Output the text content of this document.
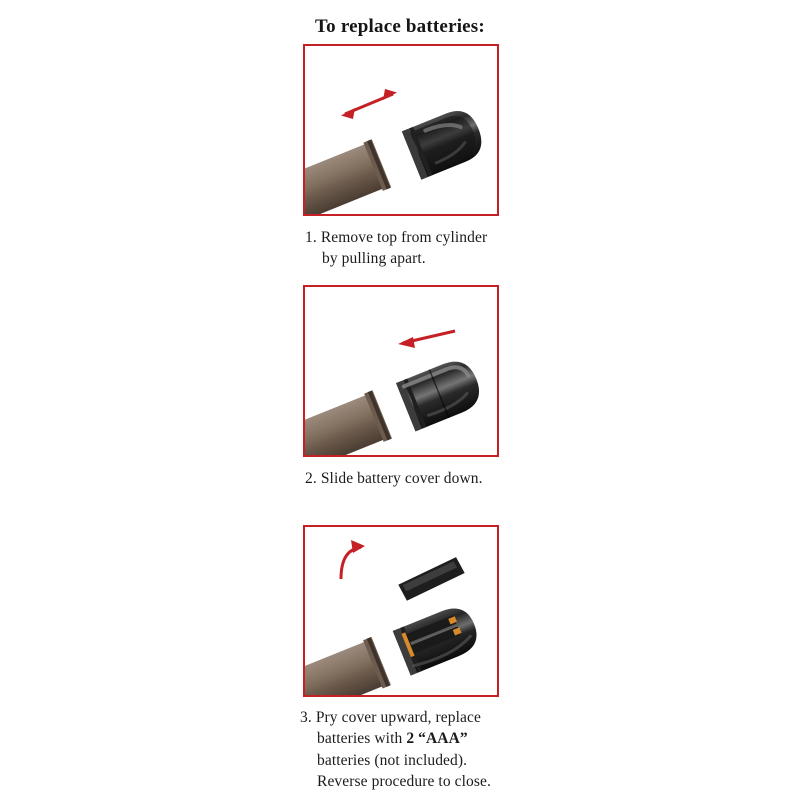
To replace batteries:
1. Remove top from cylinder
by pulling apart.
2. Slide battery cover down.
3. Pry cover upward, replace
batteries with 2 “AAA”
batteries (not included).
Reverse procedure to close.
